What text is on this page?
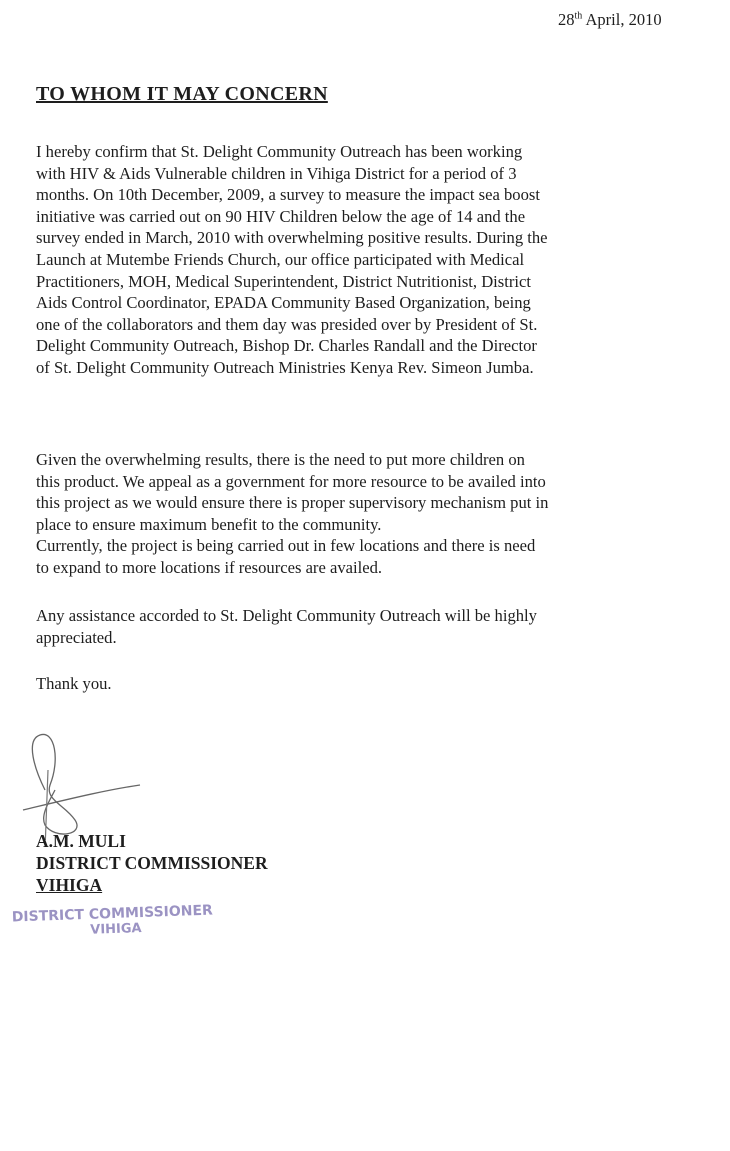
28th April, 2010
TO WHOM IT MAY CONCERN
I hereby confirm that St. Delight Community Outreach has been working
with HIV & Aids Vulnerable children in Vihiga District for a period of 3
months. On 10th December, 2009, a survey to measure the impact sea boost
initiative was carried out on 90 HIV Children below the age of 14 and the
survey ended in March, 2010 with overwhelming positive results. During the
Launch at Mutembe Friends Church, our office participated with Medical
Practitioners, MOH, Medical Superintendent, District Nutritionist, District
Aids Control Coordinator, EPADA Community Based Organization, being
one of the collaborators and them day was presided over by President of St.
Delight Community Outreach, Bishop Dr. Charles Randall and the Director
of St. Delight Community Outreach Ministries Kenya Rev. Simeon Jumba.
Given the overwhelming results, there is the need to put more children on
this product. We appeal as a government for more resource to be availed into
this project as we would ensure there is proper supervisory mechanism put in
place to ensure maximum benefit to the community.
Currently, the project is being carried out in few locations and there is need
to expand to more locations if resources are availed.
Any assistance accorded to St. Delight Community Outreach will be highly
appreciated.
Thank you.
A.M. MULI
DISTRICT COMMISSIONER
VIHIGA
DISTRICT COMMISSIONER
VIHIGA
